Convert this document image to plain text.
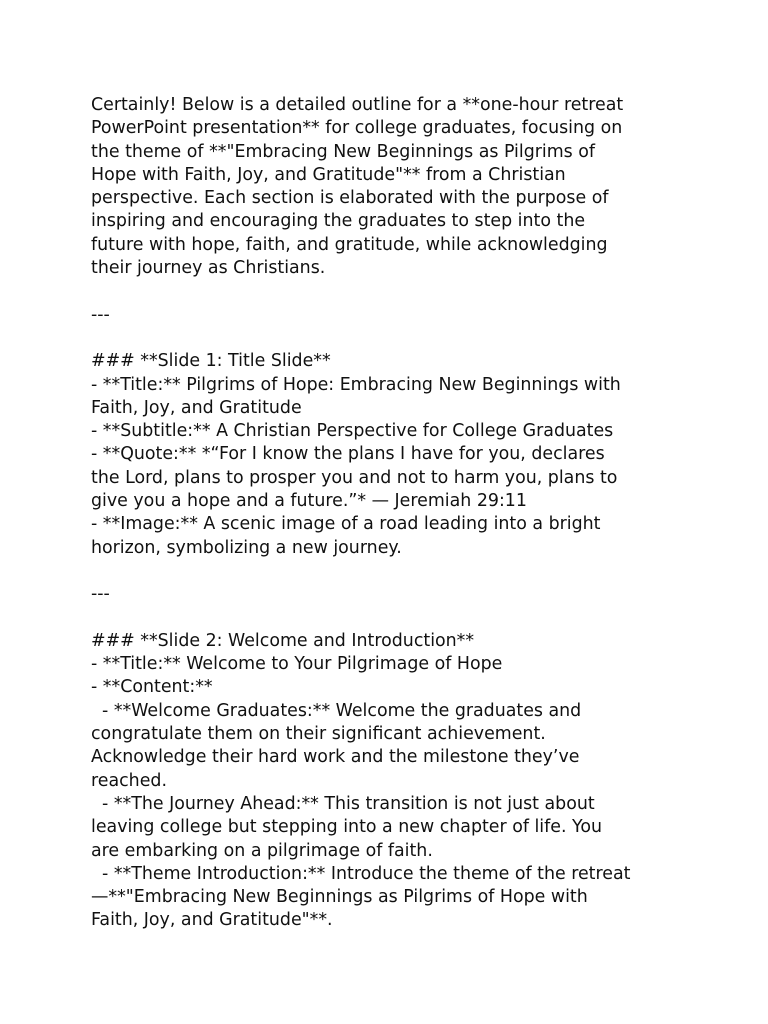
Certainly! Below is a detailed outline for a **one-hour retreat
PowerPoint presentation** for college graduates, focusing on
the theme of **"Embracing New Beginnings as Pilgrims of
Hope with Faith, Joy, and Gratitude"** from a Christian
perspective. Each section is elaborated with the purpose of
inspiring and encouraging the graduates to step into the
future with hope, faith, and gratitude, while acknowledging
their journey as Christians.
---
### **Slide 1: Title Slide**
- **Title:** Pilgrims of Hope: Embracing New Beginnings with
Faith, Joy, and Gratitude
- **Subtitle:** A Christian Perspective for College Graduates
- **Quote:** *“For I know the plans I have for you, declares
the Lord, plans to prosper you and not to harm you, plans to
give you a hope and a future.”* — Jeremiah 29:11
- **Image:** A scenic image of a road leading into a bright
horizon, symbolizing a new journey.
---
### **Slide 2: Welcome and Introduction**
- **Title:** Welcome to Your Pilgrimage of Hope
- **Content:**
- **Welcome Graduates:** Welcome the graduates and
congratulate them on their significant achievement.
Acknowledge their hard work and the milestone they’ve
reached.
- **The Journey Ahead:** This transition is not just about
leaving college but stepping into a new chapter of life. You
are embarking on a pilgrimage of faith.
- **Theme Introduction:** Introduce the theme of the retreat
—**"Embracing New Beginnings as Pilgrims of Hope with
Faith, Joy, and Gratitude"**.
